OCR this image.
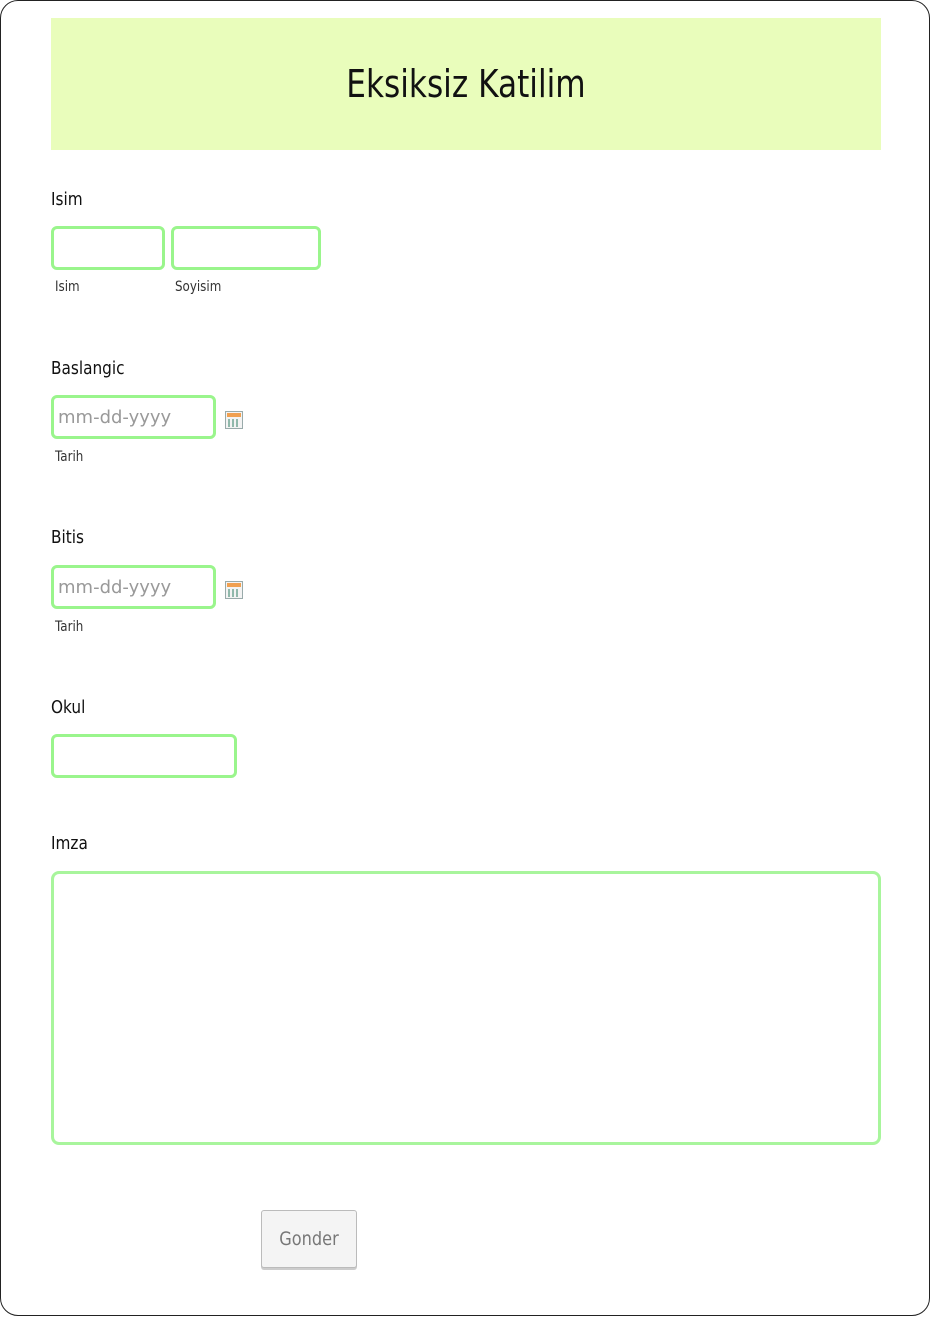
Eksiksiz Katilim
Isim
Isim	Soyisim
Baslangic
mm-dd-yyyy
Tarih
Bitis
mm-dd-yyyy
Tarih
Okul
Imza
Gonder
